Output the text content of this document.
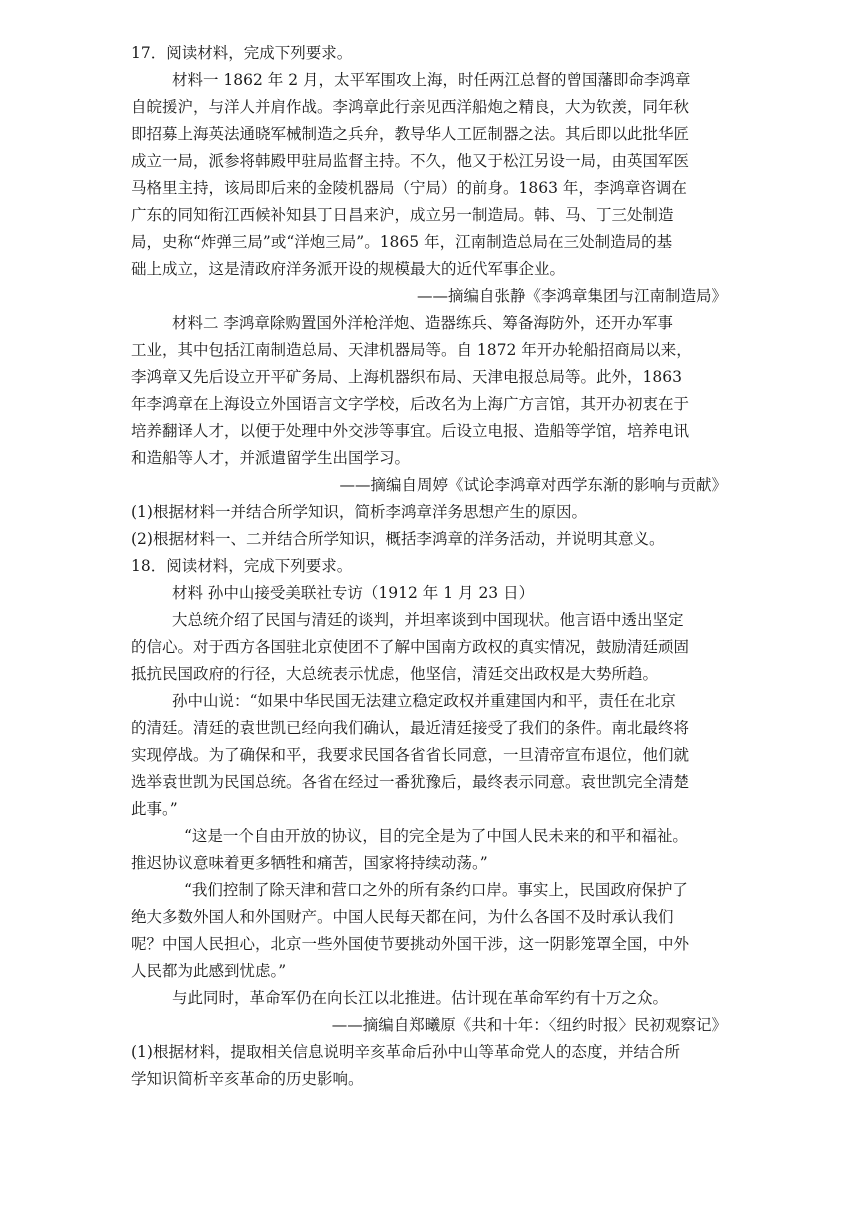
17．阅读材料，完成下列要求。
材料一 1862 年 2 月，太平军围攻上海，时任两江总督的曾国藩即命李鸿章
自皖援沪，与洋人并肩作战。李鸿章此行亲见西洋船炮之精良，大为钦羡，同年秋
即招募上海英法通晓军械制造之兵弁，教导华人工匠制器之法。其后即以此批华匠
成立一局，派参将韩殿甲驻局监督主持。不久，他又于松江另设一局，由英国军医
马格里主持，该局即后来的金陵机器局（宁局）的前身。1863 年，李鸿章咨调在
广东的同知衔江西候补知县丁日昌来沪，成立另一制造局。韩、马、丁三处制造
局，史称“炸弹三局”或“洋炮三局”。1865 年，江南制造总局在三处制造局的基
础上成立，这是清政府洋务派开设的规模最大的近代军事企业。
——摘编自张静《李鸿章集团与江南制造局》
材料二 李鸿章除购置国外洋枪洋炮、造器练兵、筹备海防外，还开办军事
工业，其中包括江南制造总局、天津机器局等。自 1872 年开办轮船招商局以来，
李鸿章又先后设立开平矿务局、上海机器织布局、天津电报总局等。此外，1863
年李鸿章在上海设立外国语言文字学校，后改名为上海广方言馆，其开办初衷在于
培养翻译人才，以便于处理中外交涉等事宜。后设立电报、造船等学馆，培养电讯
和造船等人才，并派遣留学生出国学习。
——摘编自周婷《试论李鸿章对西学东渐的影响与贡献》
(1)根据材料一并结合所学知识，简析李鸿章洋务思想产生的原因。
(2)根据材料一、二并结合所学知识，概括李鸿章的洋务活动，并说明其意义。
18．阅读材料，完成下列要求。
材料 孙中山接受美联社专访（1912 年 1 月 23 日）
大总统介绍了民国与清廷的谈判，并坦率谈到中国现状。他言语中透出坚定
的信心。对于西方各国驻北京使团不了解中国南方政权的真实情况，鼓励清廷顽固
抵抗民国政府的行径，大总统表示忧虑，他坚信，清廷交出政权是大势所趋。
孙中山说：“如果中华民国无法建立稳定政权并重建国内和平，责任在北京
的清廷。清廷的袁世凯已经向我们确认，最近清廷接受了我们的条件。南北最终将
实现停战。为了确保和平，我要求民国各省省长同意，一旦清帝宣布退位，他们就
选举袁世凯为民国总统。各省在经过一番犹豫后，最终表示同意。袁世凯完全清楚
此事。”
“这是一个自由开放的协议，目的完全是为了中国人民未来的和平和福祉。
推迟协议意味着更多牺牲和痛苦，国家将持续动荡。”
“我们控制了除天津和营口之外的所有条约口岸。事实上，民国政府保护了
绝大多数外国人和外国财产。中国人民每天都在问，为什么各国不及时承认我们
呢？中国人民担心，北京一些外国使节要挑动外国干涉，这一阴影笼罩全国，中外
人民都为此感到忧虑。”
与此同时，革命军仍在向长江以北推进。估计现在革命军约有十万之众。
——摘编自郑曦原《共和十年：〈纽约时报〉民初观察记》
(1)根据材料，提取相关信息说明辛亥革命后孙中山等革命党人的态度，并结合所
学知识简析辛亥革命的历史影响。
